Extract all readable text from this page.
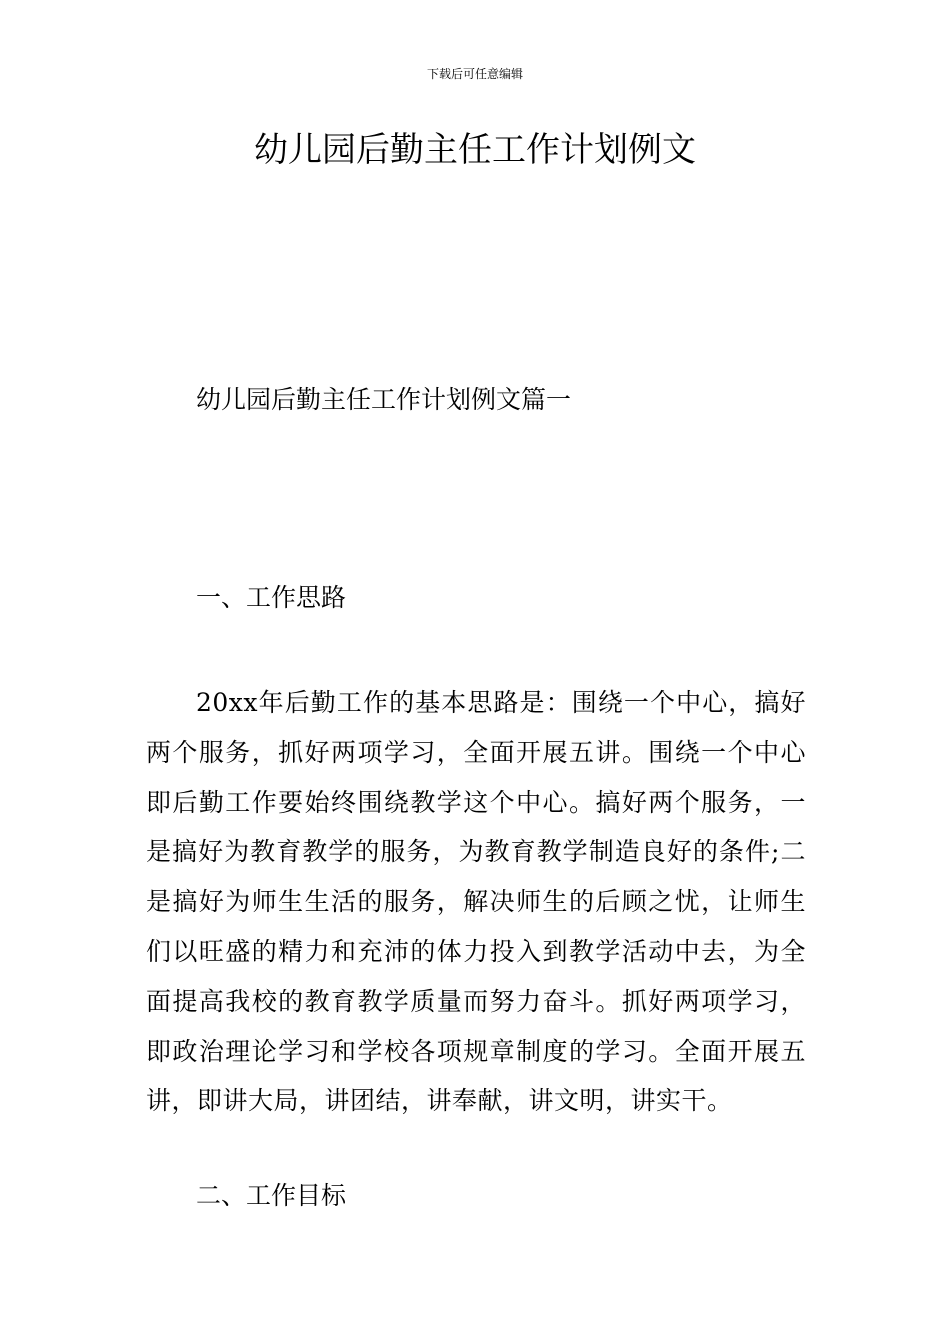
下载后可任意编辑
幼儿园后勤主任工作计划例文

幼儿园后勤主任工作计划例文篇一

一、工作思路

20xx年后勤工作的基本思路是：围绕一个中心，搞好两个服务，抓好两项学习，全面开展五讲。围绕一个中心即后勤工作要始终围绕教学这个中心。搞好两个服务，一是搞好为教育教学的服务，为教育教学制造良好的条件;二是搞好为师生生活的服务，解决师生的后顾之忧，让师生们以旺盛的精力和充沛的体力投入到教学活动中去，为全面提高我校的教育教学质量而努力奋斗。抓好两项学习，即政治理论学习和学校各项规章制度的学习。全面开展五讲，即讲大局，讲团结，讲奉献，讲文明，讲实干。

二、工作目标
